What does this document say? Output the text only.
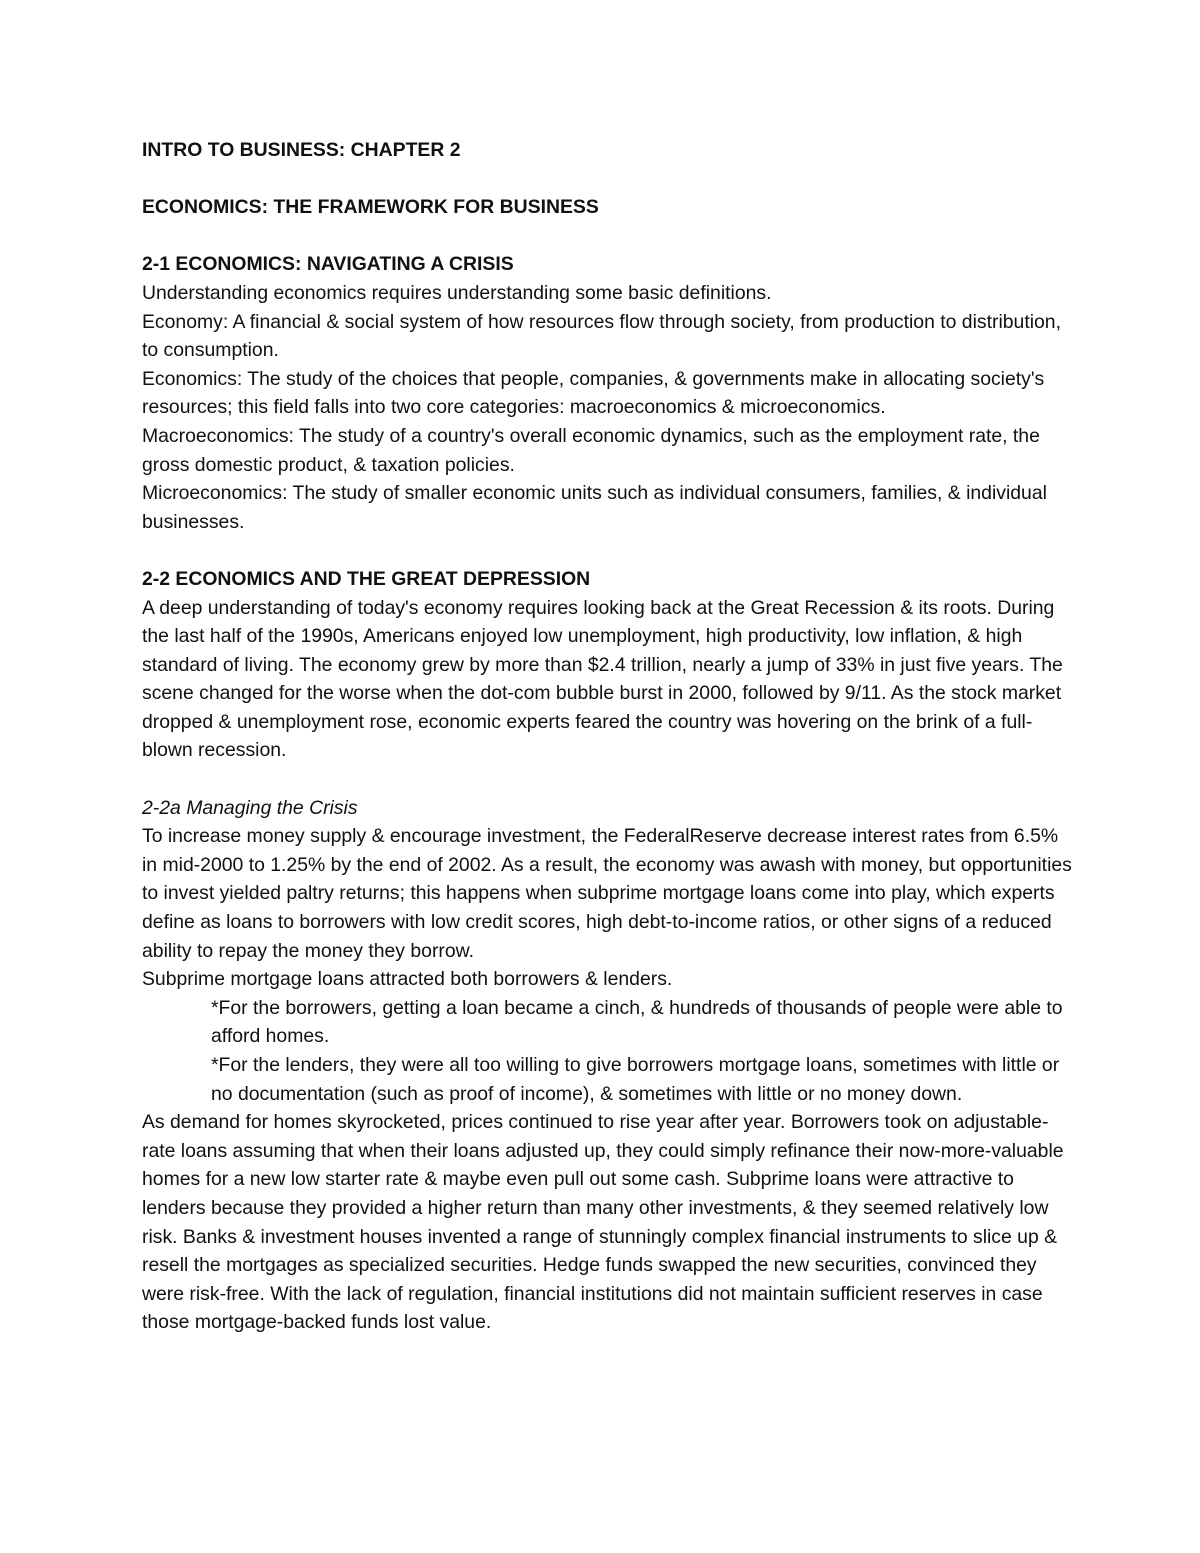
INTRO TO BUSINESS: CHAPTER 2

ECONOMICS: THE FRAMEWORK FOR BUSINESS

2-1 ECONOMICS: NAVIGATING A CRISIS

Understanding economics requires understanding some basic definitions.

Economy: A financial & social system of how resources flow through society, from production to distribution, to consumption.

Economics: The study of the choices that people, companies, & governments make in allocating society's resources; this field falls into two core categories: macroeconomics & microeconomics.

Macroeconomics: The study of a country's overall economic dynamics, such as the employment rate, the gross domestic product, & taxation policies.

Microeconomics: The study of smaller economic units such as individual consumers, families, & individual businesses.

2-2 ECONOMICS AND THE GREAT DEPRESSION

A deep understanding of today's economy requires looking back at the Great Recession & its roots. During the last half of the 1990s, Americans enjoyed low unemployment, high productivity, low inflation, & high standard of living. The economy grew by more than $2.4 trillion, nearly a jump of 33% in just five years. The scene changed for the worse when the dot-com bubble burst in 2000, followed by 9/11. As the stock market dropped & unemployment rose, economic experts feared the country was hovering on the brink of a full-blown recession.

2-2a Managing the Crisis

To increase money supply & encourage investment, the FederalReserve decrease interest rates from 6.5% in mid-2000 to 1.25% by the end of 2002. As a result, the economy was awash with money, but opportunities to invest yielded paltry returns; this happens when subprime mortgage loans come into play, which experts define as loans to borrowers with low credit scores, high debt-to-income ratios, or other signs of a reduced ability to repay the money they borrow.

Subprime mortgage loans attracted both borrowers & lenders.

*For the borrowers, getting a loan became a cinch, & hundreds of thousands of people were able to afford homes.

*For the lenders, they were all too willing to give borrowers mortgage loans, sometimes with little or no documentation (such as proof of income), & sometimes with little or no money down.

As demand for homes skyrocketed, prices continued to rise year after year. Borrowers took on adjustable-rate loans assuming that when their loans adjusted up, they could simply refinance their now-more-valuable homes for a new low starter rate & maybe even pull out some cash. Subprime loans were attractive to lenders because they provided a higher return than many other investments, & they seemed relatively low risk. Banks & investment houses invented a range of stunningly complex financial instruments to slice up & resell the mortgages as specialized securities. Hedge funds swapped the new securities, convinced they were risk-free. With the lack of regulation, financial institutions did not maintain sufficient reserves in case those mortgage-backed funds lost value.
